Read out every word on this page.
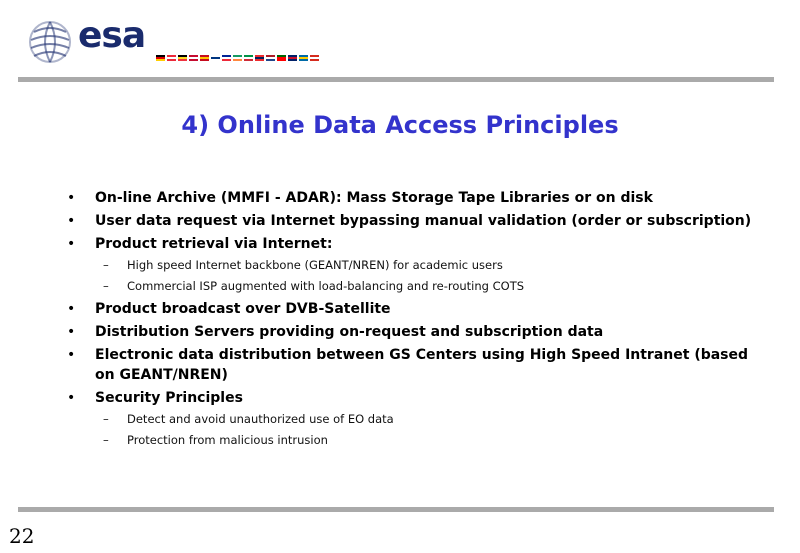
esa
4) Online Data Access Principles
• On-line Archive (MMFI - ADAR): Mass Storage Tape Libraries or on disk
• User data request via Internet bypassing manual validation (order or subscription)
• Product retrieval via Internet:
– High speed Internet backbone (GEANT/NREN) for academic users
– Commercial ISP augmented with load-balancing and re-routing COTS
• Product broadcast over DVB-Satellite
• Distribution Servers providing on-request and subscription data
• Electronic data distribution between GS Centers using High Speed Intranet (based on GEANT/NREN)
• Security Principles
– Detect and avoid unauthorized use of EO data
– Protection from malicious intrusion
22
